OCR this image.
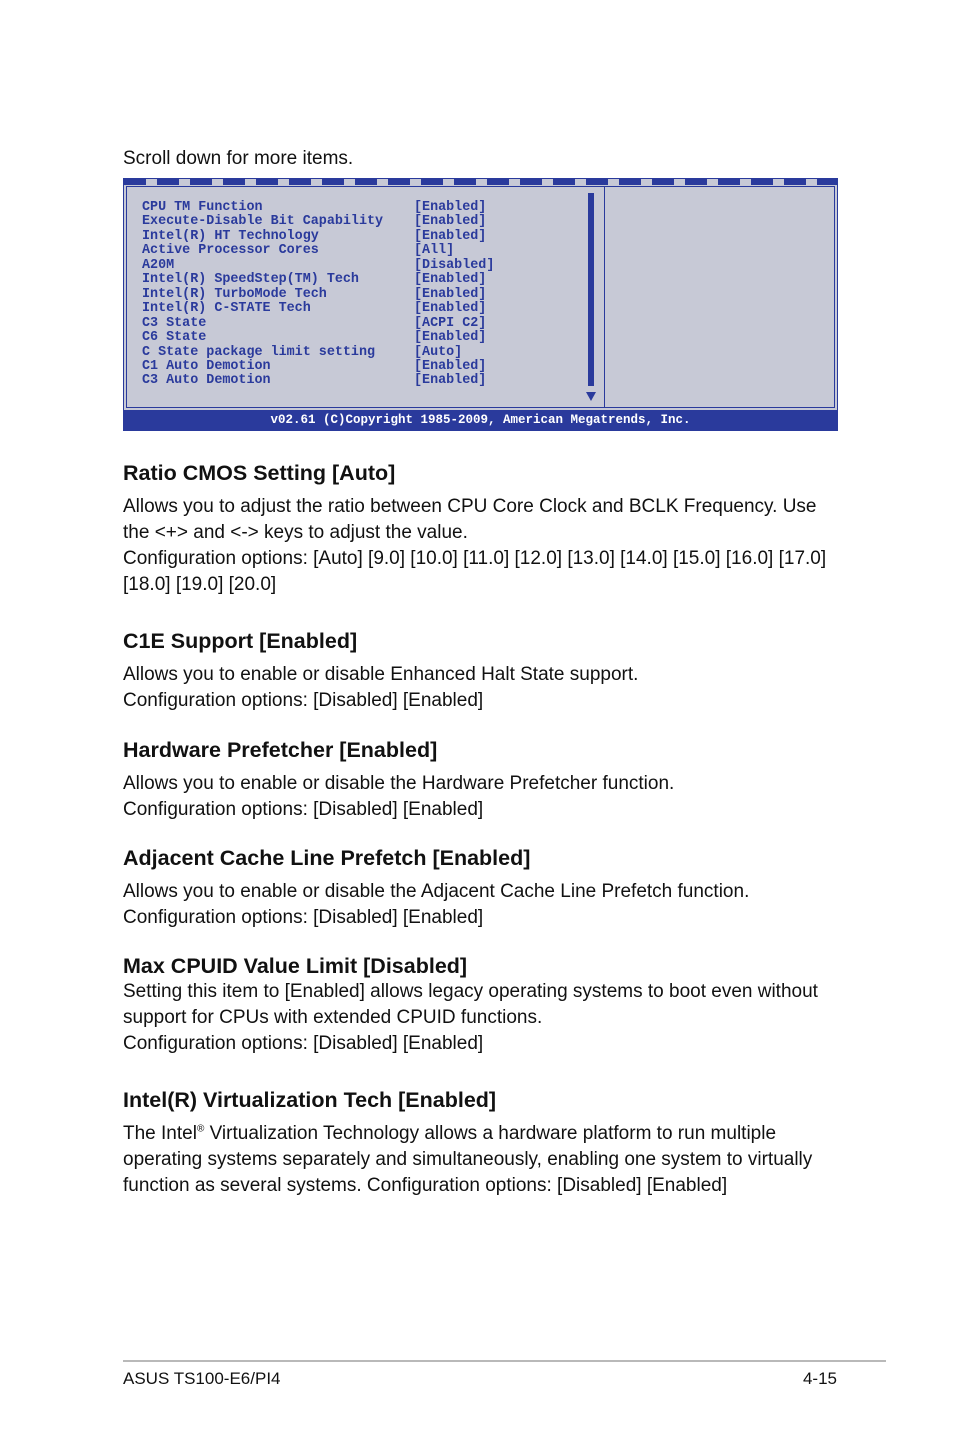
Scroll down for more items.
CPU TM Function	[Enabled]
Execute-Disable Bit Capability [Enabled]
Intel(R) HT Technology	[Enabled]
Active Processor Cores	[All]
A20M	[Disabled]
Intel(R) SpeedStep(TM) Tech	[Enabled]
Intel(R) TurboMode Tech	[Enabled]
Intel(R) C-STATE Tech	[Enabled]
C3 State	[ACPI C2]
C6 State	[Enabled]
C State package limit setting	[Auto]
C1 Auto Demotion	[Enabled]
C3 Auto Demotion	[Enabled]
v02.61 (C)Copyright 1985-2009, American Megatrends, Inc.
Ratio CMOS Setting [Auto]

Allows you to adjust the ratio between CPU Core Clock and BCLK Frequency. Use the <+> and <-> keys to adjust the value.

Configuration options: [Auto] [9.0] [10.0] [11.0] [12.0] [13.0] [14.0] [15.0] [16.0] [17.0] [18.0] [19.0] [20.0]

C1E Support [Enabled]

Allows you to enable or disable Enhanced Halt State support.

Configuration options: [Disabled] [Enabled]

Hardware Prefetcher [Enabled]

Allows you to enable or disable the Hardware Prefetcher function.

Configuration options: [Disabled] [Enabled]

Adjacent Cache Line Prefetch [Enabled]

Allows you to enable or disable the Adjacent Cache Line Prefetch function.

Configuration options: [Disabled] [Enabled]

Max CPUID Value Limit [Disabled]

Setting this item to [Enabled] allows legacy operating systems to boot even without support for CPUs with extended CPUID functions.

Configuration options: [Disabled] [Enabled]

Intel(R) Virtualization Tech [Enabled]

The Intel® Virtualization Technology allows a hardware platform to run multiple operating systems separately and simultaneously, enabling one system to virtually function as several systems. Configuration options: [Disabled] [Enabled]

ASUS TS100-E6/PI4	4-15
